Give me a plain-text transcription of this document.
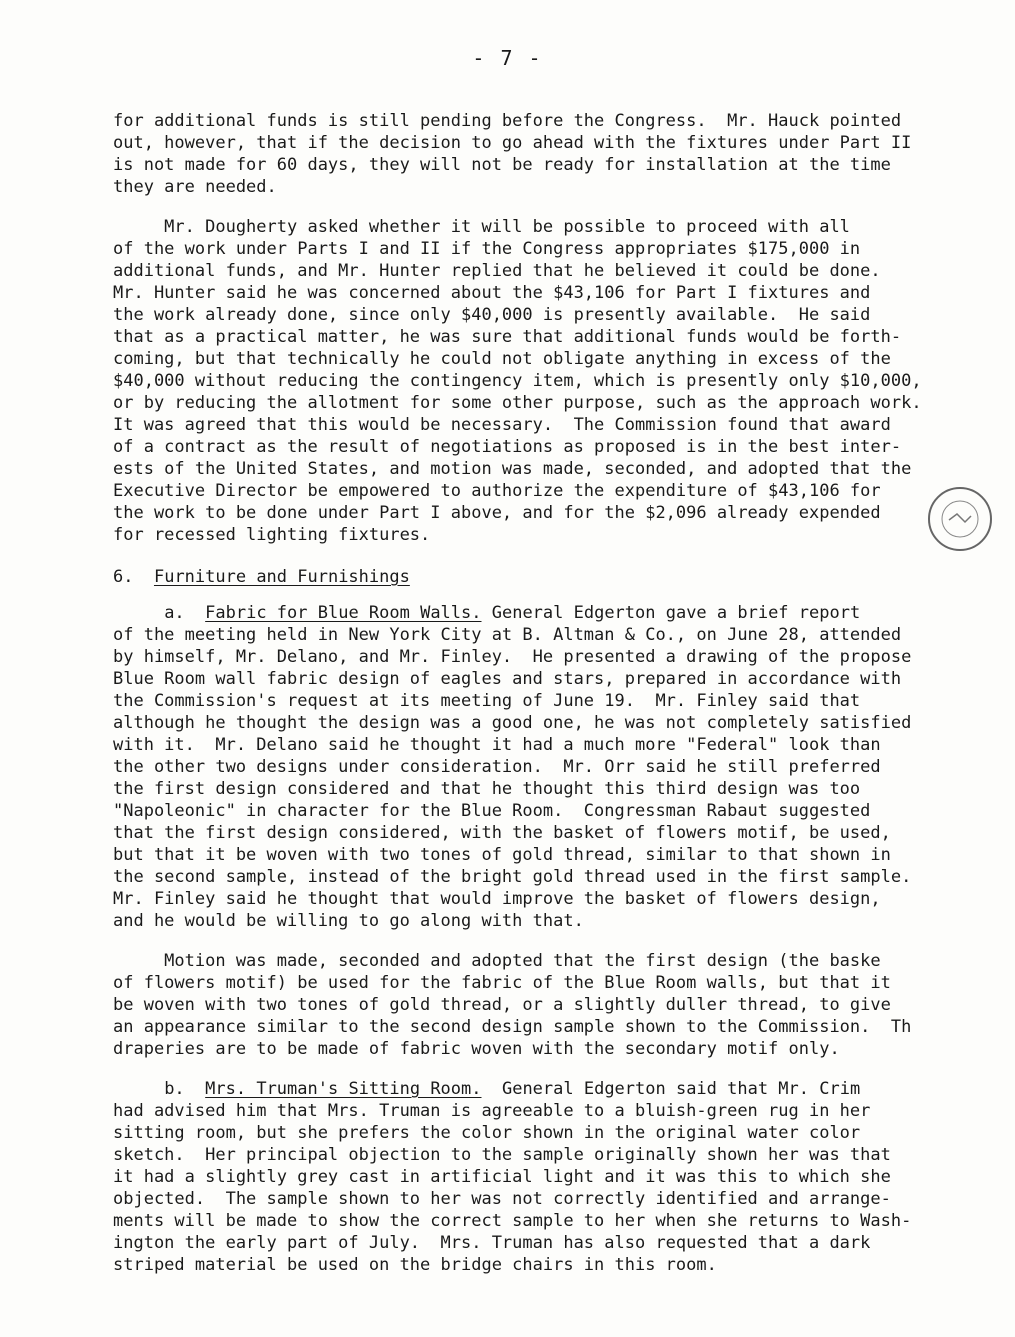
- 7 -
for additional funds is still pending before the Congress.  Mr. Hauck pointed
out, however, that if the decision to go ahead with the fixtures under Part II
is not made for 60 days, they will not be ready for installation at the time
they are needed.
Mr. Dougherty asked whether it will be possible to proceed with all
of the work under Parts I and II if the Congress appropriates $175,000 in
additional funds, and Mr. Hunter replied that he believed it could be done.
Mr. Hunter said he was concerned about the $43,106 for Part I fixtures and
the work already done, since only $40,000 is presently available.  He said
that as a practical matter, he was sure that additional funds would be forth-
coming, but that technically he could not obligate anything in excess of the
$40,000 without reducing the contingency item, which is presently only $10,000,
or by reducing the allotment for some other purpose, such as the approach work.
It was agreed that this would be necessary.  The Commission found that award
of a contract as the result of negotiations as proposed is in the best inter-
ests of the United States, and motion was made, seconded, and adopted that the
Executive Director be empowered to authorize the expenditure of $43,106 for
the work to be done under Part I above, and for the $2,096 already expended
for recessed lighting fixtures.
6. Furniture and Furnishings
a. Fabric for Blue Room Walls. General Edgerton gave a brief report
of the meeting held in New York City at B. Altman & Co., on June 28, attended
by himself, Mr. Delano, and Mr. Finley.  He presented a drawing of the propose
Blue Room wall fabric design of eagles and stars, prepared in accordance with
the Commission's request at its meeting of June 19.  Mr. Finley said that
although he thought the design was a good one, he was not completely satisfied
with it.  Mr. Delano said he thought it had a much more "Federal" look than
the other two designs under consideration.  Mr. Orr said he still preferred
the first design considered and that he thought this third design was too
"Napoleonic" in character for the Blue Room.  Congressman Rabaut suggested
that the first design considered, with the basket of flowers motif, be used,
but that it be woven with two tones of gold thread, similar to that shown in
the second sample, instead of the bright gold thread used in the first sample.
Mr. Finley said he thought that would improve the basket of flowers design,
and he would be willing to go along with that.
Motion was made, seconded and adopted that the first design (the baske
of flowers motif) be used for the fabric of the Blue Room walls, but that it
be woven with two tones of gold thread, or a slightly duller thread, to give
an appearance similar to the second design sample shown to the Commission.  Th
draperies are to be made of fabric woven with the secondary motif only.
b. Mrs. Truman's Sitting Room.  General Edgerton said that Mr. Crim
had advised him that Mrs. Truman is agreeable to a bluish-green rug in her
sitting room, but she prefers the color shown in the original water color
sketch.  Her principal objection to the sample originally shown her was that
it had a slightly grey cast in artificial light and it was this to which she
objected.  The sample shown to her was not correctly identified and arrange-
ments will be made to show the correct sample to her when she returns to Wash-
ington the early part of July.  Mrs. Truman has also requested that a dark
striped material be used on the bridge chairs in this room.
